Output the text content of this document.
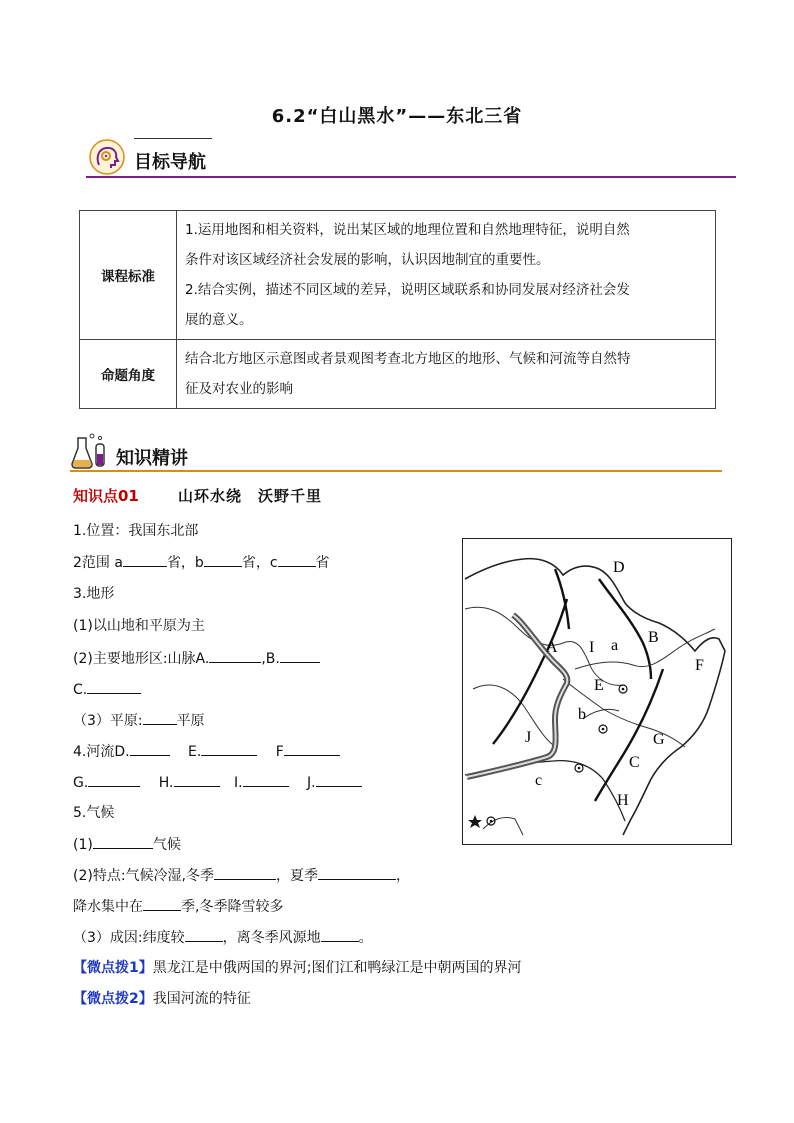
6.2“白山黑水”——东北三省
目标导航
课程标准	1.运用地图和相关资料，说出某区域的地理位置和自然地理特征，说明自然
条件对该区域经济社会发展的影响，认识因地制宜的重要性。
2.结合实例，描述不同区域的差异，说明区域联系和协同发展对经济社会发
展的意义。

命题角度	结合北方地区示意图或者景观图考查北方地区的地形、气候和河流等自然特
征及对农业的影响
知识精讲
知识点01	山环水绕　沃野千里
1.位置：我国东北部
2范围 a	省，b	省，c	省
3.地形
(1)以山地和平原为主
(2)主要地形区:山脉A.	,B.
C.
（3）平原: 平原
4.河流D.	E.	F
G.	H.	I.	J.
5.气候
(1)	气候
(2)特点:气候冷湿,冬季	，夏季	，
降水集中在	季,冬季降雪较多
（3）成因:纬度较	，离冬季风源地	。
【微点拨1】黑龙江是中俄两国的界河;图们江和鸭绿江是中朝两国的界河
【微点拨2】我国河流的特征
D
A I a B
F
E
b
J
c
G
C
H
